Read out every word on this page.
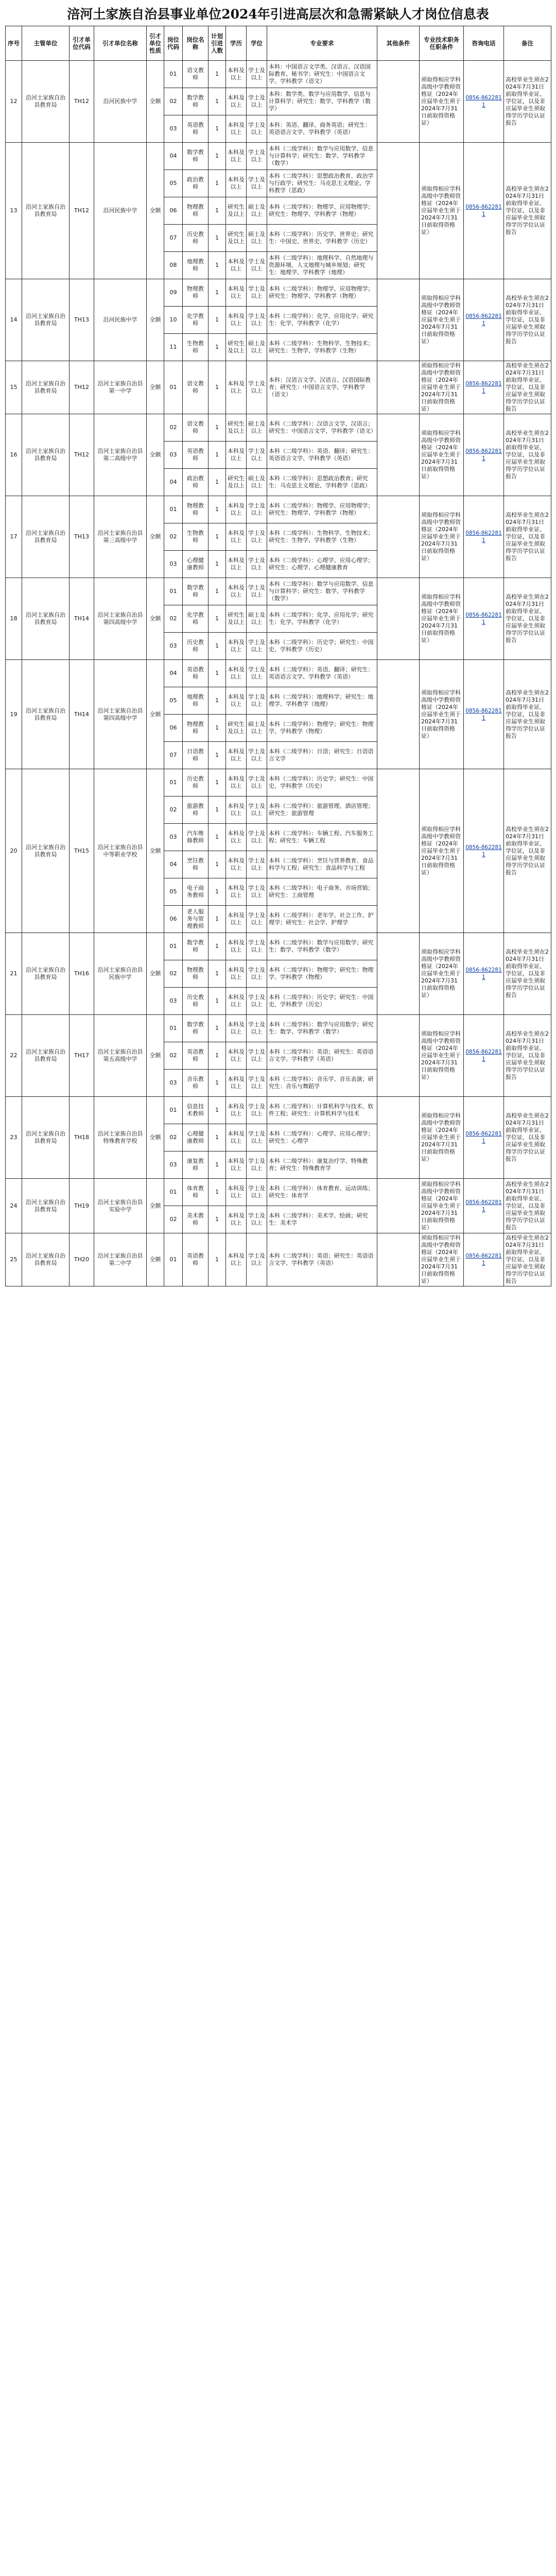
涪河土家族自治县事业单位2024年引进高层次和急需紧缺人才岗位信息表
序号	主管单位	引才单位代码	引才单位名称	引才单位性质	岗位代码	岗位名称	计划引进人数	学历	学位	专业要求	其他条件	专业技术职务任职条件	咨询电话	备注
12	沿河土家族自治县教育局	TH12	沿河民族中学	全额	01	语文教师	1	本科及以上	学士及以上	本科：中国语言文学类、汉语言、汉语国际教育、秘书学；研究生：中国语言文学、学科教学（语文）		须取得相应学科高级中学教师资格证（2024年应届毕业生须于2024年7月31日前取得资格证）	0856-8622811	高校毕业生须在2024年7月31日前取得毕业证、学位证，以及非应届毕业生须取得学历学位认证报告
					02	数学教师	1	本科及以上	学士及以上	本科：数学类、数学与应用数学、信息与计算科学；研究生：数学、学科教学（数学）				
					03	英语教师	1	本科及以上	学士及以上	本科：英语、翻译、商务英语；研究生：英语语言文学、学科教学（英语）				
13	沿河土家族自治县教育局	TH12	沿河民族中学	全额	04	数学教师	1	本科及以上	学士及以上	本科（二级学科）：数学与应用数学、信息与计算科学；研究生：数学、学科教学（数学）		须取得相应学科高级中学教师资格证（2024年应届毕业生须于2024年7月31日前取得资格证）	0856-8622811	高校毕业生须在2024年7月31日前取得毕业证、学位证，以及非应届毕业生须取得学历学位认证报告
					05	政治教师	1	本科及以上	学士及以上	本科（二级学科）：思想政治教育、政治学与行政学；研究生：马克思主义理论、学科教学（思政）				
					06	物理教师	1	研究生及以上	硕士及以上	本科（二级学科）：物理学、应用物理学；研究生：物理学、学科教学（物理）				
					07	历史教师	1	研究生及以上	硕士及以上	本科（二级学科）：历史学、世界史；研究生：中国史、世界史、学科教学（历史）				
					08	地理教师	1	本科及以上	学士及以上	本科（二级学科）：地理科学、自然地理与资源环境、人文地理与城乡规划；研究生：地理学、学科教学（地理）				
14	沿河土家族自治县教育局	TH13	沿河民族中学	全额	09	物理教师	1	本科及以上	学士及以上	本科（二级学科）：物理学、应用物理学；研究生：物理学、学科教学（物理）		须取得相应学科高级中学教师资格证（2024年应届毕业生须于2024年7月31日前取得资格证）	0856-8622811	高校毕业生须在2024年7月31日前取得毕业证、学位证，以及非应届毕业生须取得学历学位认证报告
					10	化学教师	1	本科及以上	学士及以上	本科（二级学科）：化学、应用化学；研究生：化学、学科教学（化学）				
					11	生物教师	1	研究生及以上	硕士及以上	本科（二级学科）：生物科学、生物技术；研究生：生物学、学科教学（生物）				
15	沿河土家族自治县教育局	TH12	沿河土家族自治县第一中学	全额	01	语文教师	1	本科及以上	学士及以上	本科：汉语言文学、汉语言、汉语国际教育；研究生：中国语言文学、学科教学（语文）		须取得相应学科高级中学教师资格证（2024年应届毕业生须于2024年7月31日前取得资格证）	0856-8622811	高校毕业生须在2024年7月31日前取得毕业证、学位证，以及非应届毕业生须取得学历学位认证报告
16	沿河土家族自治县教育局	TH12	沿河土家族自治县第二高级中学	全额	02	语文教师	1	研究生及以上	硕士及以上	本科（二级学科）：汉语言文学、汉语言；研究生：中国语言文学、学科教学（语文）		须取得相应学科高级中学教师资格证（2024年应届毕业生须于2024年7月31日前取得资格证）	0856-8622811	高校毕业生须在2024年7月31日前取得毕业证、学位证，以及非应届毕业生须取得学历学位认证报告
					03	英语教师	1	本科及以上	学士及以上	本科（二级学科）：英语、翻译；研究生：英语语言文学、学科教学（英语）				
					04	政治教师	1	研究生及以上	硕士及以上	本科（二级学科）：思想政治教育；研究生：马克思主义理论、学科教学（思政）				
17	沿河土家族自治县教育局	TH13	沿河土家族自治县第三高级中学	全额	01	物理教师	1	本科及以上	学士及以上	本科（二级学科）：物理学、应用物理学；研究生：物理学、学科教学（物理）		须取得相应学科高级中学教师资格证（2024年应届毕业生须于2024年7月31日前取得资格证）	0856-8622811	高校毕业生须在2024年7月31日前取得毕业证、学位证，以及非应届毕业生须取得学历学位认证报告
					02	生物教师	1	本科及以上	学士及以上	本科（二级学科）：生物科学、生物技术；研究生：生物学、学科教学（生物）				
					03	心理健康教师	1	本科及以上	学士及以上	本科（二级学科）：心理学、应用心理学；研究生：心理学、心理健康教育				
18	沿河土家族自治县教育局	TH14	沿河土家族自治县第四高级中学	全额	01	数学教师	1	本科及以上	学士及以上	本科（二级学科）：数学与应用数学、信息与计算科学；研究生：数学、学科教学（数学）		须取得相应学科高级中学教师资格证（2024年应届毕业生须于2024年7月31日前取得资格证）	0856-8622811	高校毕业生须在2024年7月31日前取得毕业证、学位证，以及非应届毕业生须取得学历学位认证报告
					02	化学教师	1	研究生及以上	硕士及以上	本科（二级学科）：化学、应用化学；研究生：化学、学科教学（化学）				
					03	历史教师	1	本科及以上	学士及以上	本科（二级学科）：历史学；研究生：中国史、学科教学（历史）				
19	沿河土家族自治县教育局	TH14	沿河土家族自治县第四高级中学	全额	04	英语教师	1	本科及以上	学士及以上	本科（二级学科）：英语、翻译；研究生：英语语言文学、学科教学（英语）		须取得相应学科高级中学教师资格证（2024年应届毕业生须于2024年7月31日前取得资格证）	0856-8622811	高校毕业生须在2024年7月31日前取得毕业证、学位证，以及非应届毕业生须取得学历学位认证报告
					05	地理教师	1	本科及以上	学士及以上	本科（二级学科）：地理科学；研究生：地理学、学科教学（地理）				
					06	物理教师	1	研究生及以上	硕士及以上	本科（二级学科）：物理学；研究生：物理学、学科教学（物理）				
					07	日语教师	1	本科及以上	学士及以上	本科（二级学科）：日语；研究生：日语语言文学				
20	沿河土家族自治县教育局	TH15	沿河土家族自治县中等职业学校	全额	01	历史教师	1	本科及以上	学士及以上	本科（二级学科）：历史学；研究生：中国史、学科教学（历史）		须取得相应学科高级中学教师资格证（2024年应届毕业生须于2024年7月31日前取得资格证）	0856-8622811	高校毕业生须在2024年7月31日前取得毕业证、学位证，以及非应届毕业生须取得学历学位认证报告
					02	旅游教师	1	本科及以上	学士及以上	本科（二级学科）：旅游管理、酒店管理；研究生：旅游管理				
					03	汽车维修教师	1	本科及以上	学士及以上	本科（二级学科）：车辆工程、汽车服务工程；研究生：车辆工程				
					04	烹饪教师	1	本科及以上	学士及以上	本科（二级学科）：烹饪与营养教育、食品科学与工程；研究生：食品科学与工程				
					05	电子商务教师	1	本科及以上	学士及以上	本科（二级学科）：电子商务、市场营销；研究生：工商管理				
					06	老人服务与管理教师	1	本科及以上	学士及以上	本科（二级学科）：老年学、社会工作、护理学；研究生：社会学、护理学				
21	沿河土家族自治县教育局	TH16	沿河土家族自治县民族中学	全额	01	数学教师	1	本科及以上	学士及以上	本科（二级学科）：数学与应用数学；研究生：数学、学科教学（数学）		须取得相应学科高级中学教师资格证（2024年应届毕业生须于2024年7月31日前取得资格证）	0856-8622811	高校毕业生须在2024年7月31日前取得毕业证、学位证，以及非应届毕业生须取得学历学位认证报告
					02	物理教师	1	本科及以上	学士及以上	本科（二级学科）：物理学；研究生：物理学、学科教学（物理）				
					03	历史教师	1	本科及以上	学士及以上	本科（二级学科）：历史学；研究生：中国史、学科教学（历史）				
22	沿河土家族自治县教育局	TH17	沿河土家族自治县第五高级中学	全额	01	数学教师	1	本科及以上	学士及以上	本科（二级学科）：数学与应用数学；研究生：数学、学科教学（数学）		须取得相应学科高级中学教师资格证（2024年应届毕业生须于2024年7月31日前取得资格证）	0856-8622811	高校毕业生须在2024年7月31日前取得毕业证、学位证，以及非应届毕业生须取得学历学位认证报告
					02	英语教师	1	本科及以上	学士及以上	本科（二级学科）：英语；研究生：英语语言文学、学科教学（英语）				
					03	音乐教师	1	本科及以上	学士及以上	本科（二级学科）：音乐学、音乐表演；研究生：音乐与舞蹈学				
23	沿河土家族自治县教育局	TH18	沿河土家族自治县特殊教育学校	全额	01	信息技术教师	1	本科及以上	学士及以上	本科（二级学科）：计算机科学与技术、软件工程；研究生：计算机科学与技术		须取得相应学科高级中学教师资格证（2024年应届毕业生须于2024年7月31日前取得资格证）	0856-8622811	高校毕业生须在2024年7月31日前取得毕业证、学位证，以及非应届毕业生须取得学历学位认证报告
					02	心理健康教师	1	本科及以上	学士及以上	本科（二级学科）：心理学、应用心理学；研究生：心理学				
					03	康复教师	1	本科及以上	学士及以上	本科（二级学科）：康复治疗学、特殊教育；研究生：特殊教育学				
24	沿河土家族自治县教育局	TH19	沿河土家族自治县实验中学	全额	01	体育教师	1	本科及以上	学士及以上	本科（二级学科）：体育教育、运动训练；研究生：体育学		须取得相应学科高级中学教师资格证（2024年应届毕业生须于2024年7月31日前取得资格证）	0856-8622811	高校毕业生须在2024年7月31日前取得毕业证、学位证，以及非应届毕业生须取得学历学位认证报告
					02	美术教师	1	本科及以上	学士及以上	本科（二级学科）：美术学、绘画；研究生：美术学				
25	沿河土家族自治县教育局	TH20	沿河土家族自治县第二中学	全额	01	英语教师	1	本科及以上	学士及以上	本科（二级学科）：英语；研究生：英语语言文学、学科教学（英语）		须取得相应学科高级中学教师资格证（2024年应届毕业生须于2024年7月31日前取得资格证）	0856-8622811	高校毕业生须在2024年7月31日前取得毕业证、学位证，以及非应届毕业生须取得学历学位认证报告
